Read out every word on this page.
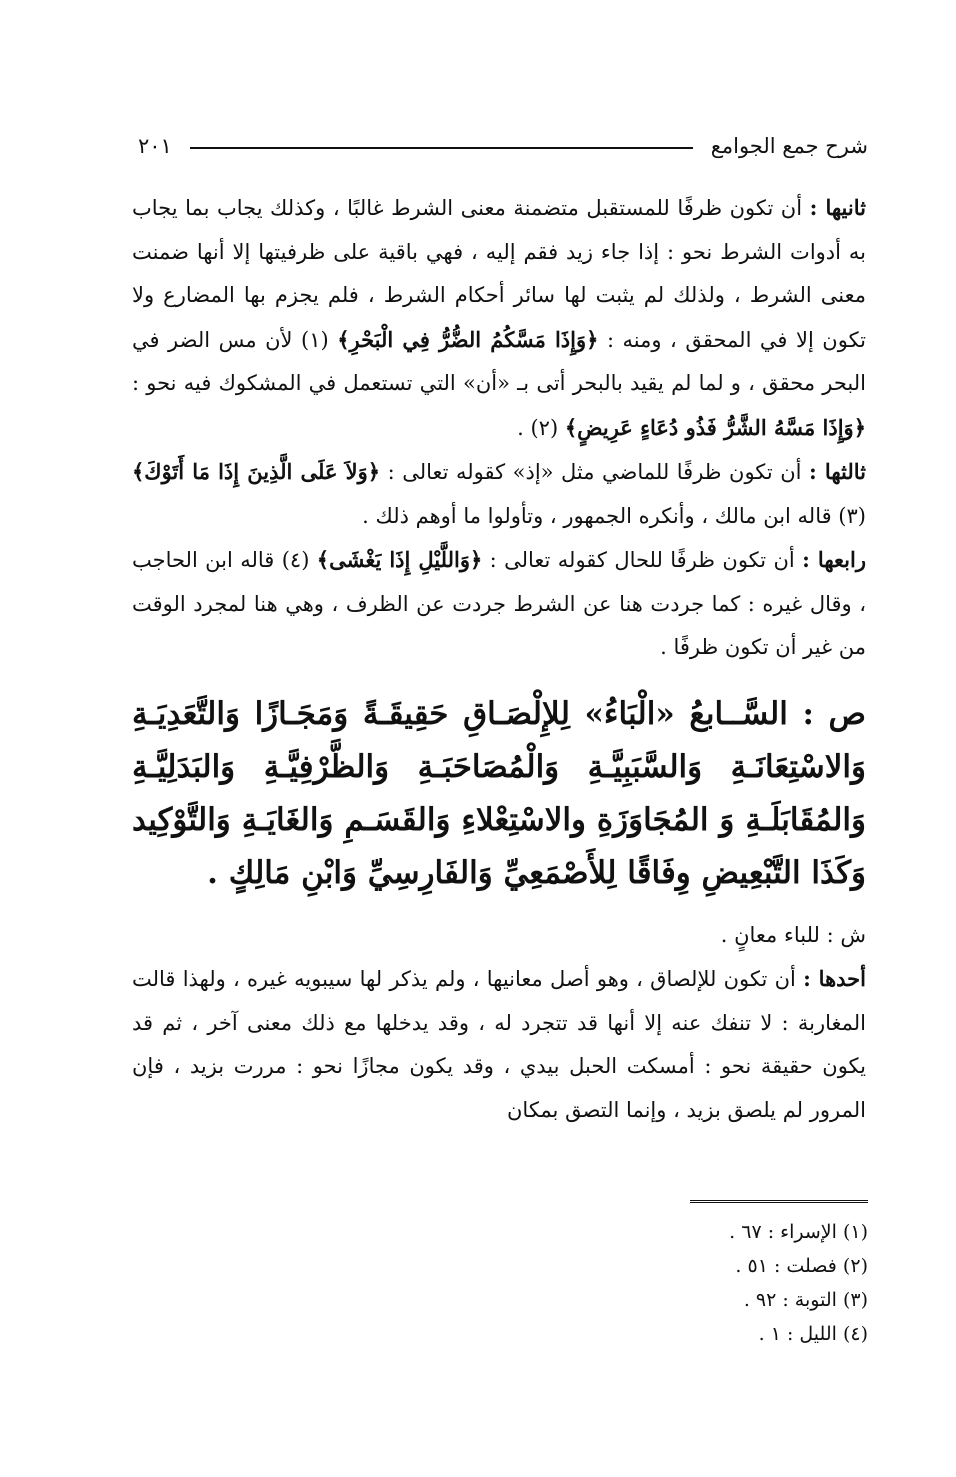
شرح جمع الجوامع
٢٠١

ثانيها : أن تكون ظرفًا للمستقبل متضمنة معنى الشرط غالبًا ، وكذلك يجاب بما يجاب به أدوات الشرط نحو : إذا جاء زيد فقم إليه ، فهي باقية على ظرفيتها إلا أنها ضمنت معنى الشرط ، ولذلك لم يثبت لها سائر أحكام الشرط ، فلم يجزم بها المضارع ولا تكون إلا في المحقق ، ومنه : ﴿وَإِذَا مَسَّكُمُ الضُّرُّ فِي الْبَحْرِ﴾ (١) لأن مس الضر في البحر محقق ، و لما لم يقيد بالبحر أتى بـ «أن» التي تستعمل في المشكوك فيه نحو : ﴿وَإِذَا مَسَّهُ الشَّرُّ فَذُو دُعَاءٍ عَرِيضٍ﴾ (٢) .

ثالثها : أن تكون ظرفًا للماضي مثل «إذ» كقوله تعالى : ﴿وَلاَ عَلَى الَّذِينَ إِذَا مَا أَتَوْكَ﴾ (٣) قاله ابن مالك ، وأنكره الجمهور ، وتأولوا ما أوهم ذلك .

رابعها : أن تكون ظرفًا للحال كقوله تعالى : ﴿وَاللَّيْلِ إِذَا يَغْشَى﴾ (٤) قاله ابن الحاجب ، وقال غيره : كما جردت هنا عن الشرط جردت عن الظرف ، وهي هنا لمجرد الوقت من غير أن تكون ظرفًا .

ص : السَّــابعُ «الْبَاءُ» لِلإِلْصَـاقِ حَقِيقَـةً وَمَجَـازًا وَالتَّعَدِيَـةِ وَالاسْتِعَانَـةِ وَالسَّبَبِيَّـةِ وَالْمُصَاحَبَـةِ وَالظَّرْفِيَّـةِ وَالبَدَلِيَّـةِ وَالمُقَابَلَـةِ وَ المُجَاوَزَةِ والاسْتِعْلاءِ وَالقَسَـمِ وَالغَايَـةِ وَالتَّوْكِيد وَكَذَا التَّبْعِيضِ وِفَاقًا لِلأَصْمَعِيِّ وَالفَارِسِيِّ وَابْنِ مَالِكٍ .

ش : للباء معانٍ .

أحدها : أن تكون للإلصاق ، وهو أصل معانيها ، ولم يذكر لها سيبويه غيره ، ولهذا قالت المغاربة : لا تنفك عنه إلا أنها قد تتجرد له ، وقد يدخلها مع ذلك معنى آخر ، ثم قد يكون حقيقة نحو : أمسكت الحبل بيدي ، وقد يكون مجازًا نحو : مررت بزيد ، فإن المرور لم يلصق بزيد ، وإنما التصق بمكان

(١) الإسراء : ٦٧ .
(٢) فصلت : ٥١ .
(٣) التوبة : ٩٢ .
(٤) الليل : ١ .
